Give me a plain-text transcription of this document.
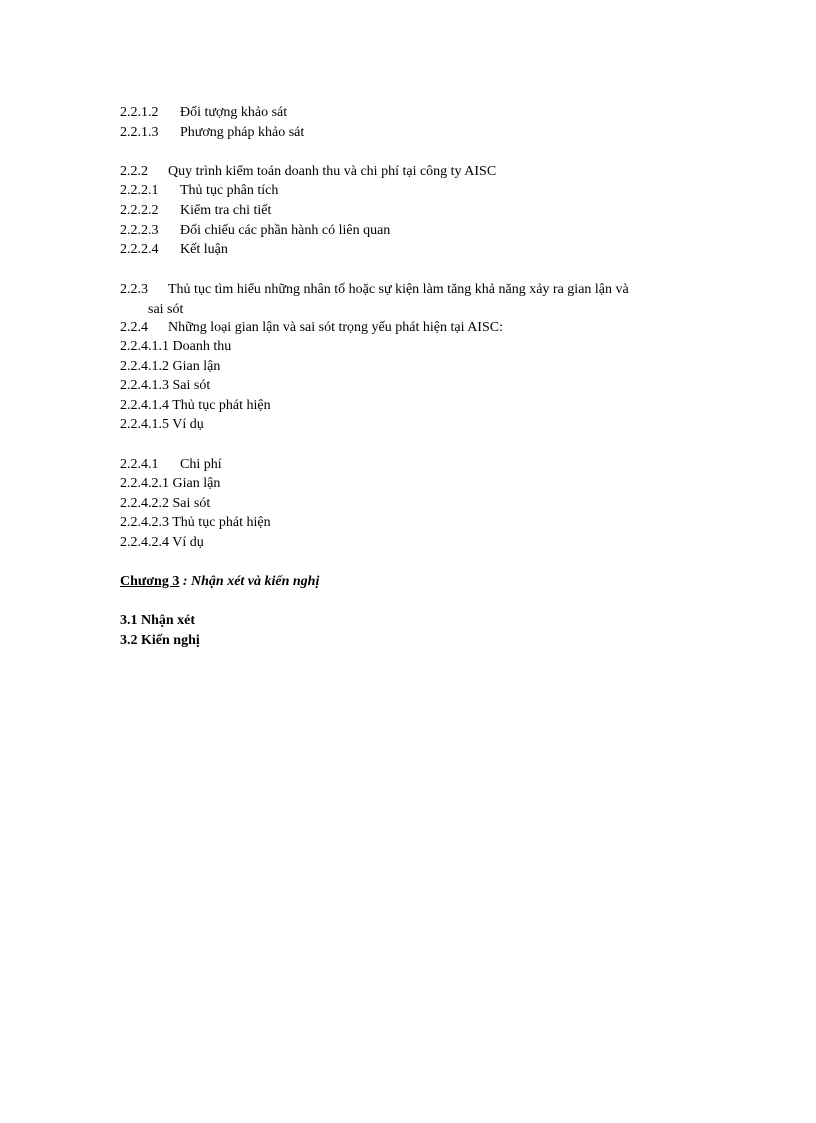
2.2.1.2 Đối tượng khảo sát
2.2.1.3 Phương pháp khảo sát
2.2.2 Quy trình kiểm toán doanh thu và chi phí tại công ty AISC
2.2.2.1 Thủ tục phân tích
2.2.2.2 Kiểm tra chi tiết
2.2.2.3 Đối chiếu các phần hành có liên quan
2.2.2.4 Kết luận
2.2.3 Thủ tục tìm hiểu những nhân tố hoặc sự kiện làm tăng khả năng xảy ra gian lận và
sai sót
2.2.4 Những loại gian lận và sai sót trọng yếu phát hiện tại AISC:
2.2.4.1.1 Doanh thu
2.2.4.1.2 Gian lận
2.2.4.1.3 Sai sót
2.2.4.1.4 Thủ tục phát hiện
2.2.4.1.5 Ví dụ
2.2.4.1 Chi phí
2.2.4.2.1 Gian lận
2.2.4.2.2 Sai sót
2.2.4.2.3 Thủ tục phát hiện
2.2.4.2.4 Ví dụ
Chương 3 : Nhận xét và kiến nghị
3.1 Nhận xét
3.2 Kiến nghị
